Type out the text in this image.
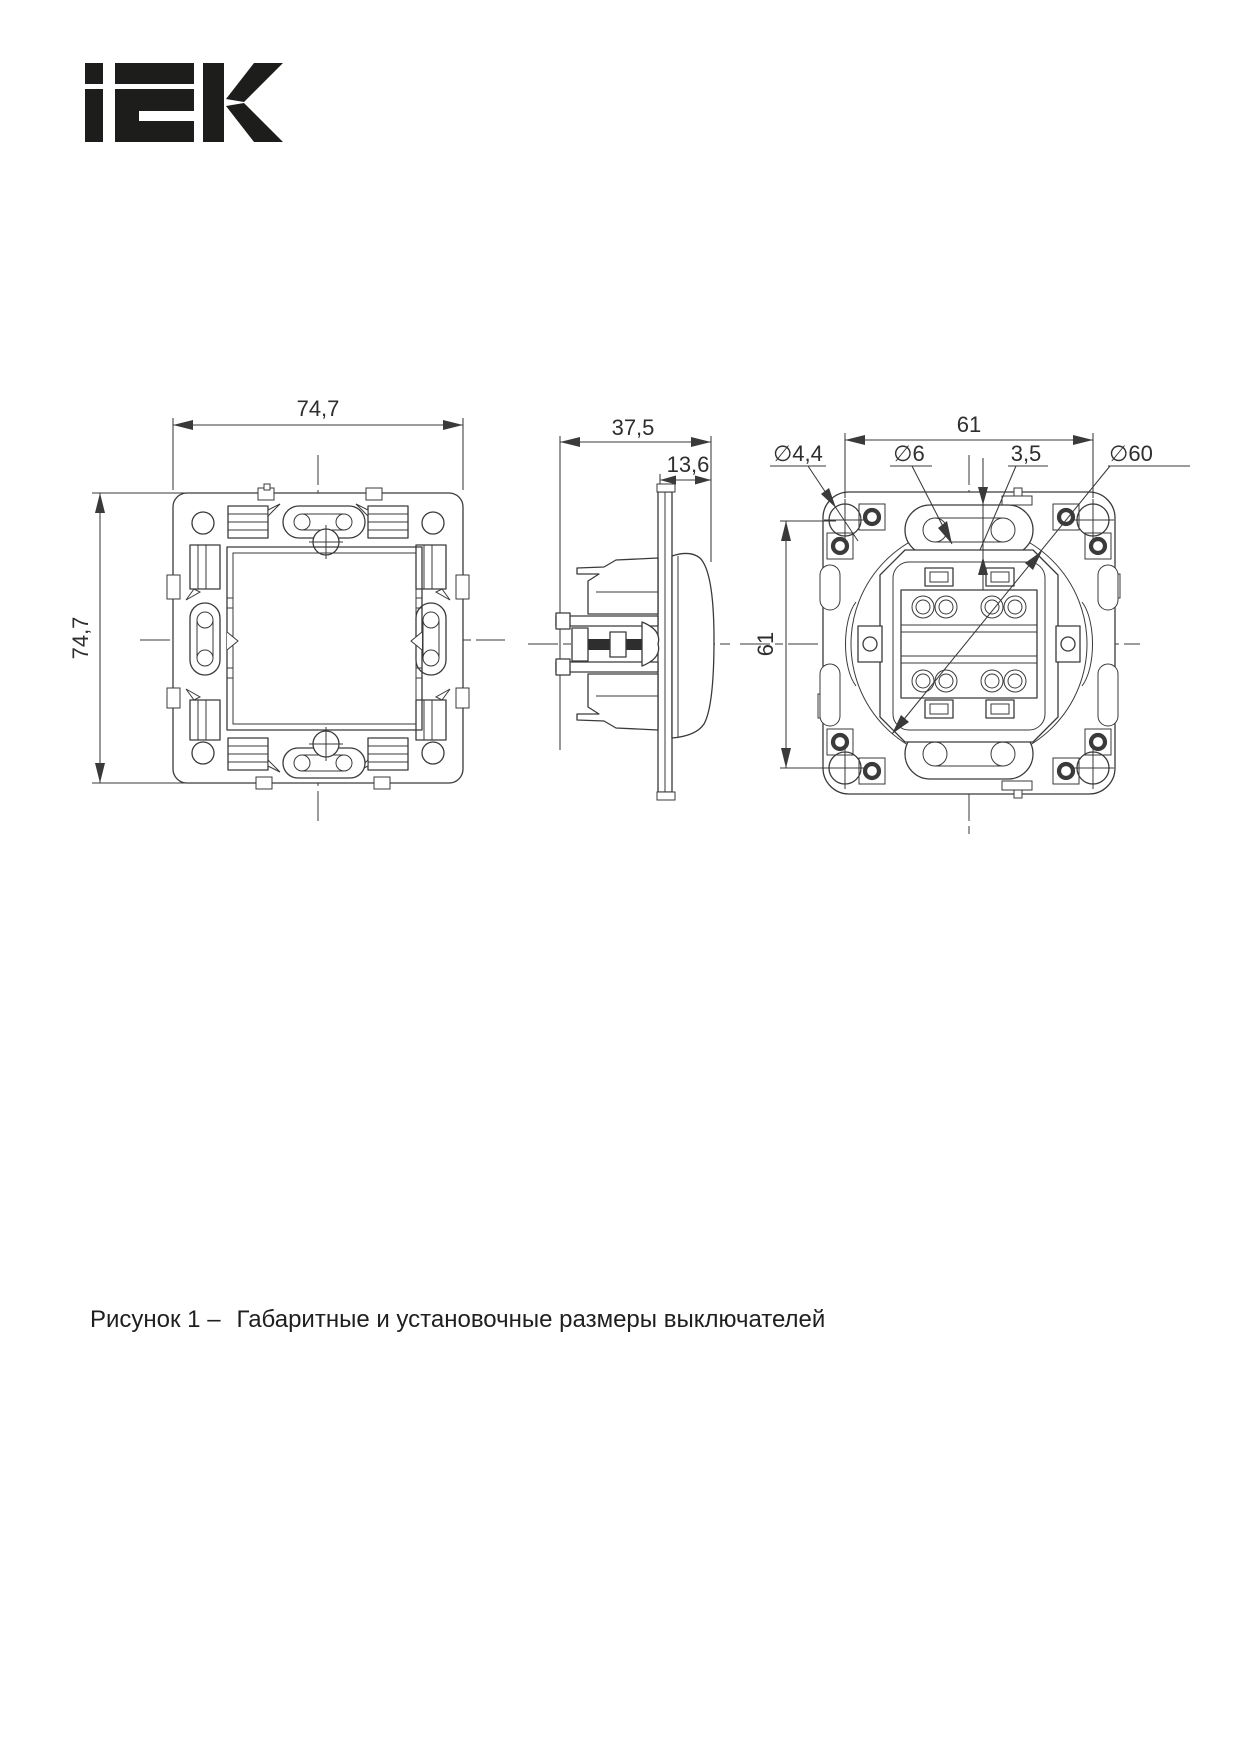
74,7
74,7
37,5
13,6
61
61
∅4,4	∅6	3,5	∅60
Рисунок 1 – Габаритные и установочные размеры выключателей
